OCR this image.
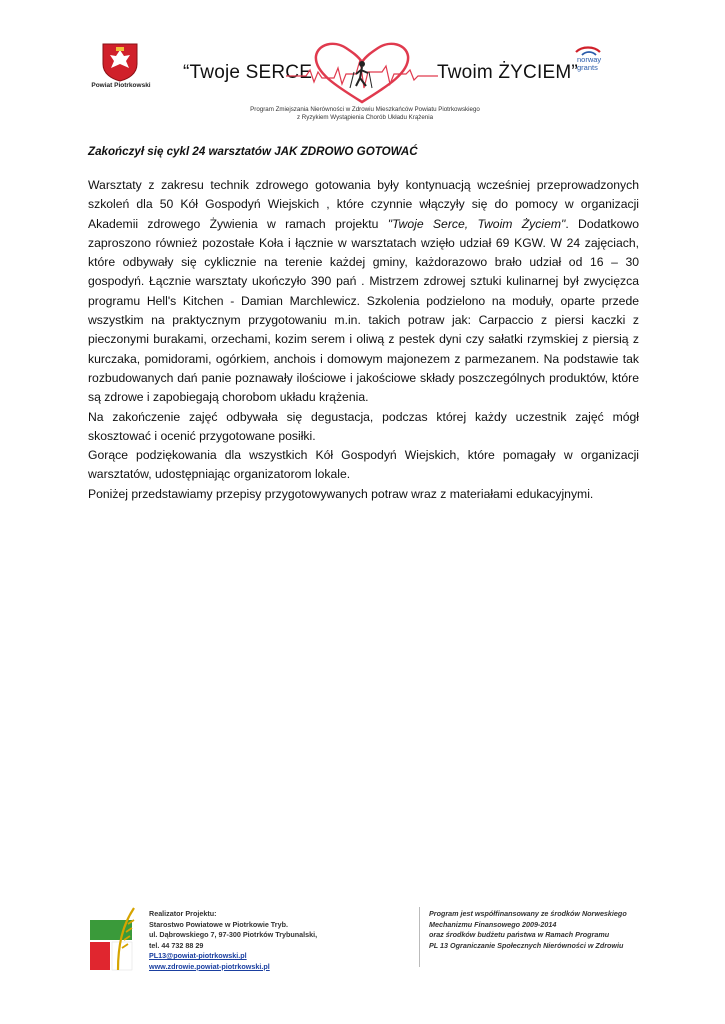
Powiat Piotrkowski
“Twoje SERCE	Twoim ŻYCIEM”
norway
grants
Program Zmiejszania Nierówności w Zdrowiu Mieszkańców Powiatu Piotrkowskiego
z Ryzykiem Wystąpienia Chorób Układu Krążenia
Zakończył się cykl 24 warsztatów JAK ZDROWO GOTOWAĆ

Warsztaty z zakresu technik zdrowego gotowania były kontynuacją wcześniej przeprowadzonych szkoleń dla 50 Kół Gospodyń Wiejskich , które czynnie włączyły się do pomocy w organizacji Akademii zdrowego Żywienia w ramach projektu "Twoje Serce, Twoim Życiem". Dodatkowo zaproszono również pozostałe Koła i łącznie w warsztatach wzięło udział 69 KGW. W 24 zajęciach, które odbywały się cyklicznie na terenie każdej gminy, każdorazowo brało udział od 16 – 30 gospodyń. Łącznie warsztaty ukończyło 390 pań . Mistrzem zdrowej sztuki kulinarnej był zwycięzca programu Hell's Kitchen - Damian Marchlewicz. Szkolenia podzielono na moduły, oparte przede wszystkim na praktycznym przygotowaniu m.in. takich potraw jak: Carpaccio z piersi kaczki z pieczonymi burakami, orzechami, kozim serem i oliwą z pestek dyni czy sałatki rzymskiej z piersią z kurczaka, pomidorami, ogórkiem, anchois i domowym majonezem z parmezanem. Na podstawie tak rozbudowanych dań panie poznawały ilościowe i jakościowe składy poszczególnych produktów, które są zdrowe i zapobiegają chorobom układu krążenia.

Na zakończenie zajęć odbywała się degustacja, podczas której każdy uczestnik zajęć mógł skosztować i ocenić przygotowane posiłki.

Gorące podziękowania dla wszystkich Kół Gospodyń Wiejskich, które pomagały w organizacji warsztatów, udostępniając organizatorom lokale.

Poniżej przedstawiamy przepisy przygotowywanych potraw wraz z materiałami edukacyjnymi.

Realizator Projektu:
Starostwo Powiatowe w Piotrkowie Tryb.
ul. Dąbrowskiego 7, 97-300 Piotrków Trybunalski,
tel. 44 732 88 29
PL13@powiat-piotrkowski.pl
www.zdrowie.powiat-piotrkowski.pl
Program jest współfinansowany ze środków Norweskiego
Mechanizmu Finansowego 2009-2014
oraz środków budżetu państwa w Ramach Programu
PL 13 Ograniczanie Społecznych Nierówności w Zdrowiu
